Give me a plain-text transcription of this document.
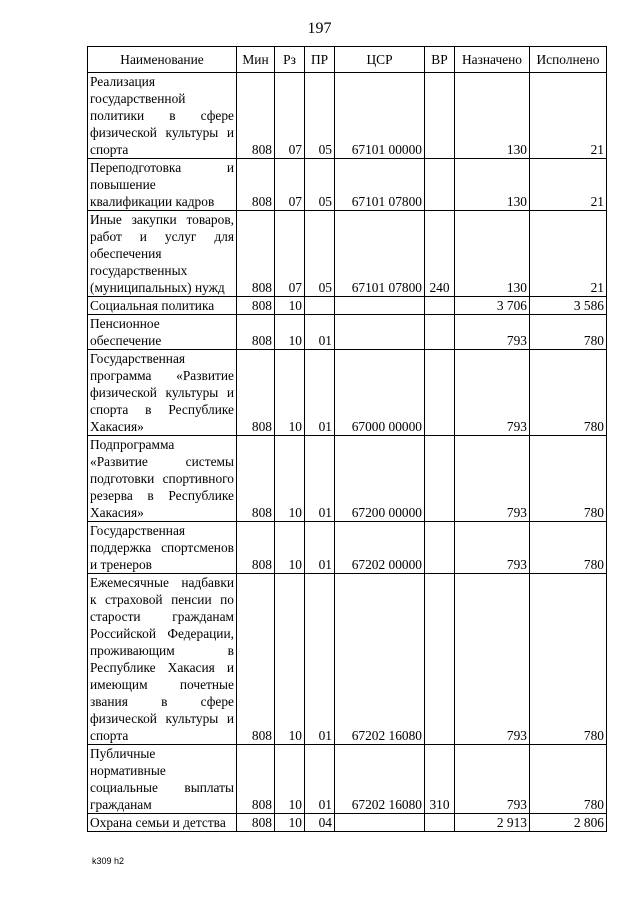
197
Наименование	Мин	Рз	ПР	ЦСР	ВР	Назначено	Исполнено
Реализация государственной политики в сфере физической культуры и спорта	808	07	05	67101 00000		130	21
Переподготовка и повышение квалификации кадров	808	07	05	67101 07800		130	21
Иные закупки товаров, работ и услуг для обеспечения государственных (муниципальных) нужд	808	07	05	67101 07800	240	130	21
Социальная политика	808	10				3 706	3 586
Пенсионное обеспечение	808	10	01			793	780
Государственная программа «Развитие физической культуры и спорта в Республике Хакасия»	808	10	01	67000 00000		793	780
Подпрограмма «Развитие системы подготовки спортивного резерва в Республике Хакасия»	808	10	01	67200 00000		793	780
Государственная поддержка спортсменов и тренеров	808	10	01	67202 00000		793	780
Ежемесячные надбавки к страховой пенсии по старости гражданам Российской Федерации, проживающим в Республике Хакасия и имеющим почетные звания в сфере физической культуры и спорта	808	10	01	67202 16080		793	780
Публичные нормативные социальные выплаты гражданам	808	10	01	67202 16080	310	793	780
Охрана семьи и детства	808	10	04			2 913	2 806
k309 h2
